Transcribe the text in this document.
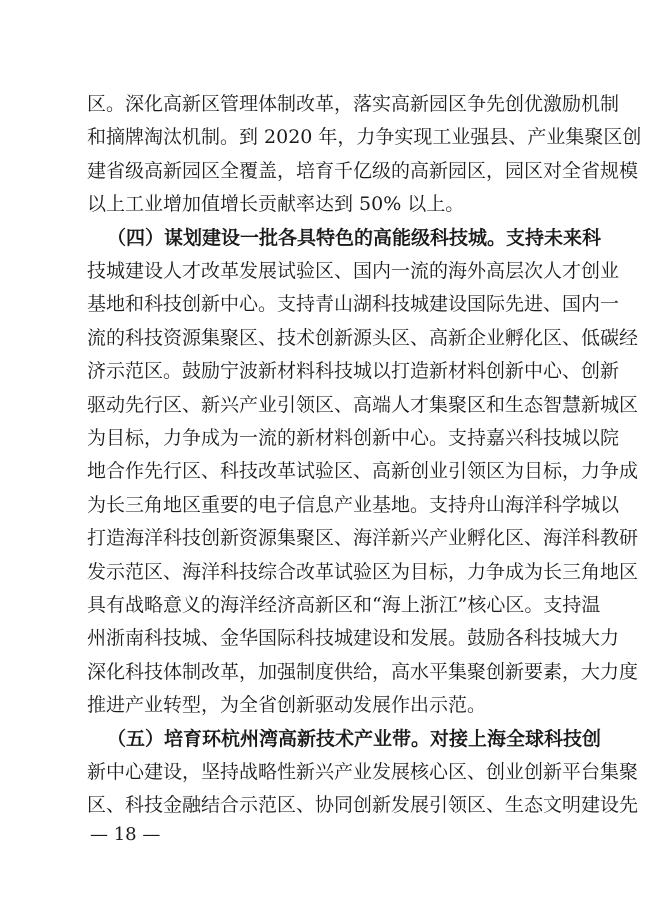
区。深化高新区管理体制改革，落实高新园区争先创优激励机制
和摘牌淘汰机制。到 2020 年，力争实现工业强县、产业集聚区创
建省级高新园区全覆盖，培育千亿级的高新园区，园区对全省规模
以上工业增加值增长贡献率达到 50% 以上。
（四）谋划建设一批各具特色的高能级科技城。支持未来科
技城建设人才改革发展试验区、国内一流的海外高层次人才创业
基地和科技创新中心。支持青山湖科技城建设国际先进、国内一
流的科技资源集聚区、技术创新源头区、高新企业孵化区、低碳经
济示范区。鼓励宁波新材料科技城以打造新材料创新中心、创新
驱动先行区、新兴产业引领区、高端人才集聚区和生态智慧新城区
为目标，力争成为一流的新材料创新中心。支持嘉兴科技城以院
地合作先行区、科技改革试验区、高新创业引领区为目标，力争成
为长三角地区重要的电子信息产业基地。支持舟山海洋科学城以
打造海洋科技创新资源集聚区、海洋新兴产业孵化区、海洋科教研
发示范区、海洋科技综合改革试验区为目标，力争成为长三角地区
具有战略意义的海洋经济高新区和“海上浙江”核心区。支持温
州浙南科技城、金华国际科技城建设和发展。鼓励各科技城大力
深化科技体制改革，加强制度供给，高水平集聚创新要素，大力度
推进产业转型，为全省创新驱动发展作出示范。
（五）培育环杭州湾高新技术产业带。对接上海全球科技创
— 18 —
新中心建设，坚持战略性新兴产业发展核心区、创业创新平台集聚
区、科技金融结合示范区、协同创新发展引领区、生态文明建设先
